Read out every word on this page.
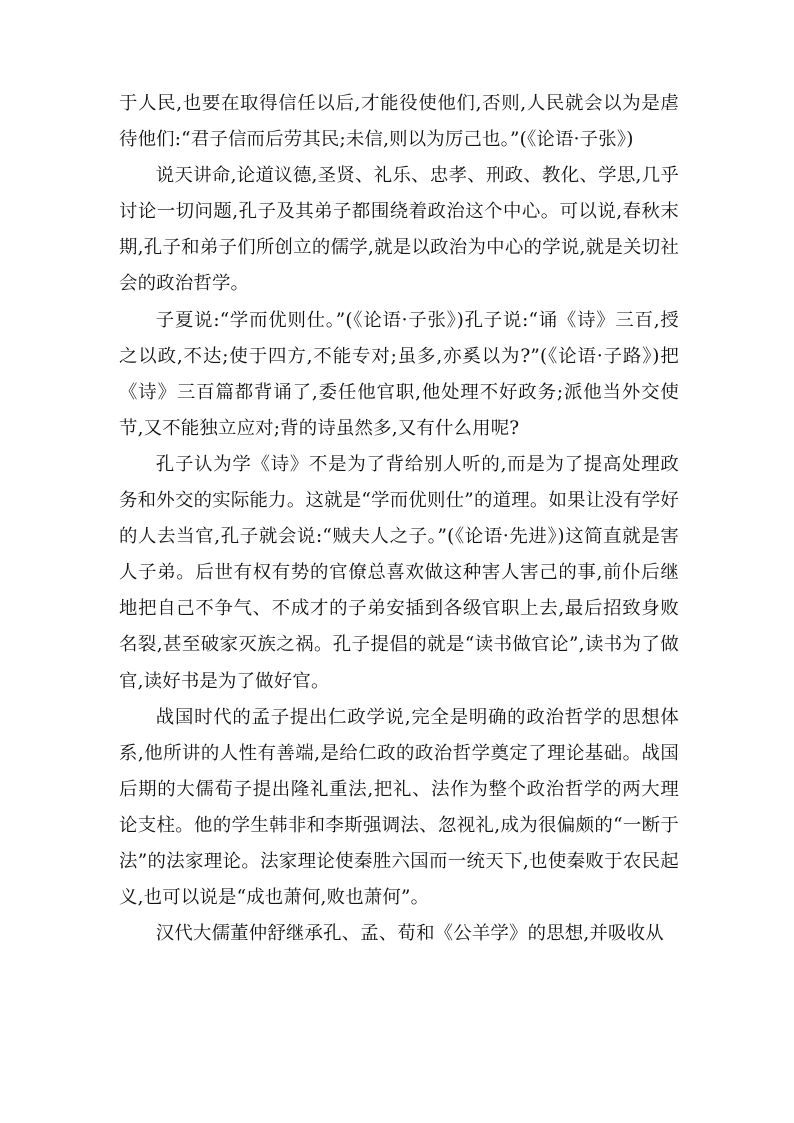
于人民,也要在取得信任以后,才能役使他们,否则,人民就会以为是虐待他们:“君子信而后劳其民;未信,则以为厉己也。”(《论语·子张》)

说天讲命,论道议德,圣贤、礼乐、忠孝、刑政、教化、学思,几乎讨论一切问题,孔子及其弟子都围绕着政治这个中心。可以说,春秋末期,孔子和弟子们所创立的儒学,就是以政治为中心的学说,就是关切社会的政治哲学。

子夏说:“学而优则仕。”(《论语·子张》)孔子说:“诵《诗》三百,授之以政,不达;使于四方,不能专对;虽多,亦奚以为?”(《论语·子路》)把《诗》三百篇都背诵了,委任他官职,他处理不好政务;派他当外交使节,又不能独立应对;背的诗虽然多,又有什么用呢?

孔子认为学《诗》不是为了背给别人听的,而是为了提高处理政务和外交的实际能力。这就是“学而优则仕”的道理。如果让没有学好的人去当官,孔子就会说:“贼夫人之子。”(《论语·先进》)这简直就是害人子弟。后世有权有势的官僚总喜欢做这种害人害己的事,前仆后继地把自己不争气、不成才的子弟安插到各级官职上去,最后招致身败名裂,甚至破家灭族之祸。孔子提倡的就是“读书做官论”,读书为了做官,读好书是为了做好官。

战国时代的孟子提出仁政学说,完全是明确的政治哲学的思想体系,他所讲的人性有善端,是给仁政的政治哲学奠定了理论基础。战国后期的大儒荀子提出隆礼重法,把礼、法作为整个政治哲学的两大理论支柱。他的学生韩非和李斯强调法、忽视礼,成为很偏颇的“一断于法”的法家理论。法家理论使秦胜六国而一统天下,也使秦败于农民起义,也可以说是“成也萧何,败也萧何”。

汉代大儒董仲舒继承孔、孟、荀和《公羊学》的思想,并吸收从
